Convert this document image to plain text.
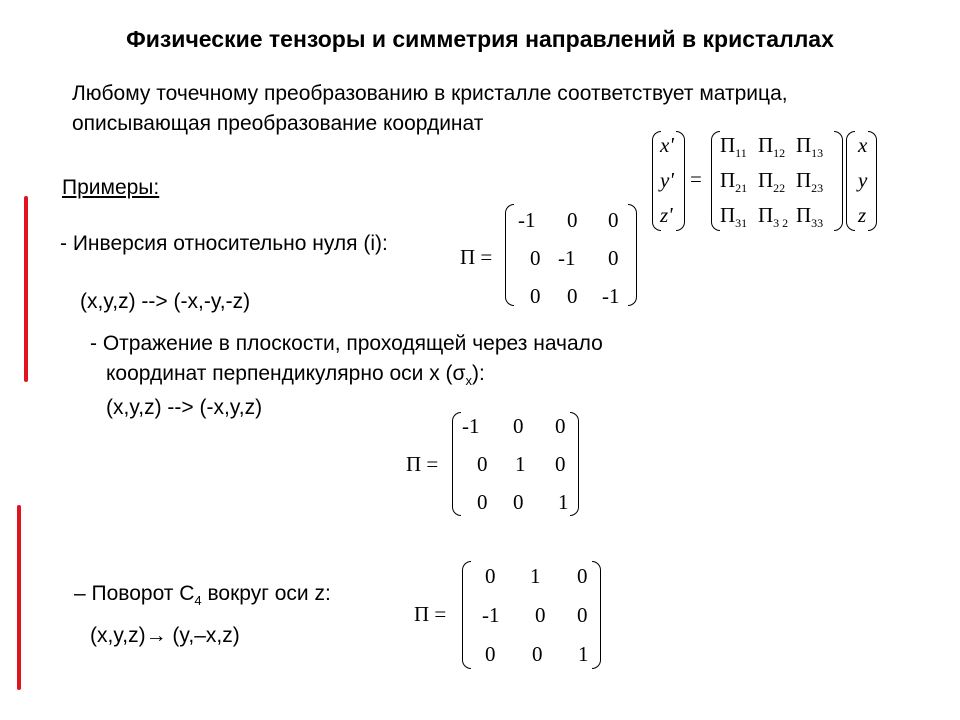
Физические тензоры и симметрия направлений в кристаллах
Любому точечному преобразованию в кристалле соответствует матрица,
описывающая преобразование координат
x'
y'
z'
=
$\Pi_{11}$ $\Pi_{12}$ $\Pi_{13}$
$\Pi_{21}$ $\Pi_{22}$ $\Pi_{23}$
$\Pi_{31}$ $\Pi_{3 2}$ $\Pi_{33}$
x
y
z
Примеры:
- Инверсия относительно нуля (i):
(x,y,z) --> (-x,-y,-z)
Π =
-1 0 0
0 -1 0
0 0 -1
- Отражение в плоскости, проходящей через начало
координат перпендикулярно оси x $(\sigma_x)$:
(x,y,z) --> (-x,y,z)
Π =
-1 0 0
0 1 0
0 0 1
– Поворот $С_4$ вокруг оси z:
(x,y,z)→ (y,–x,z)
Π =
0 1 0
-1 0 0
0 0 1
